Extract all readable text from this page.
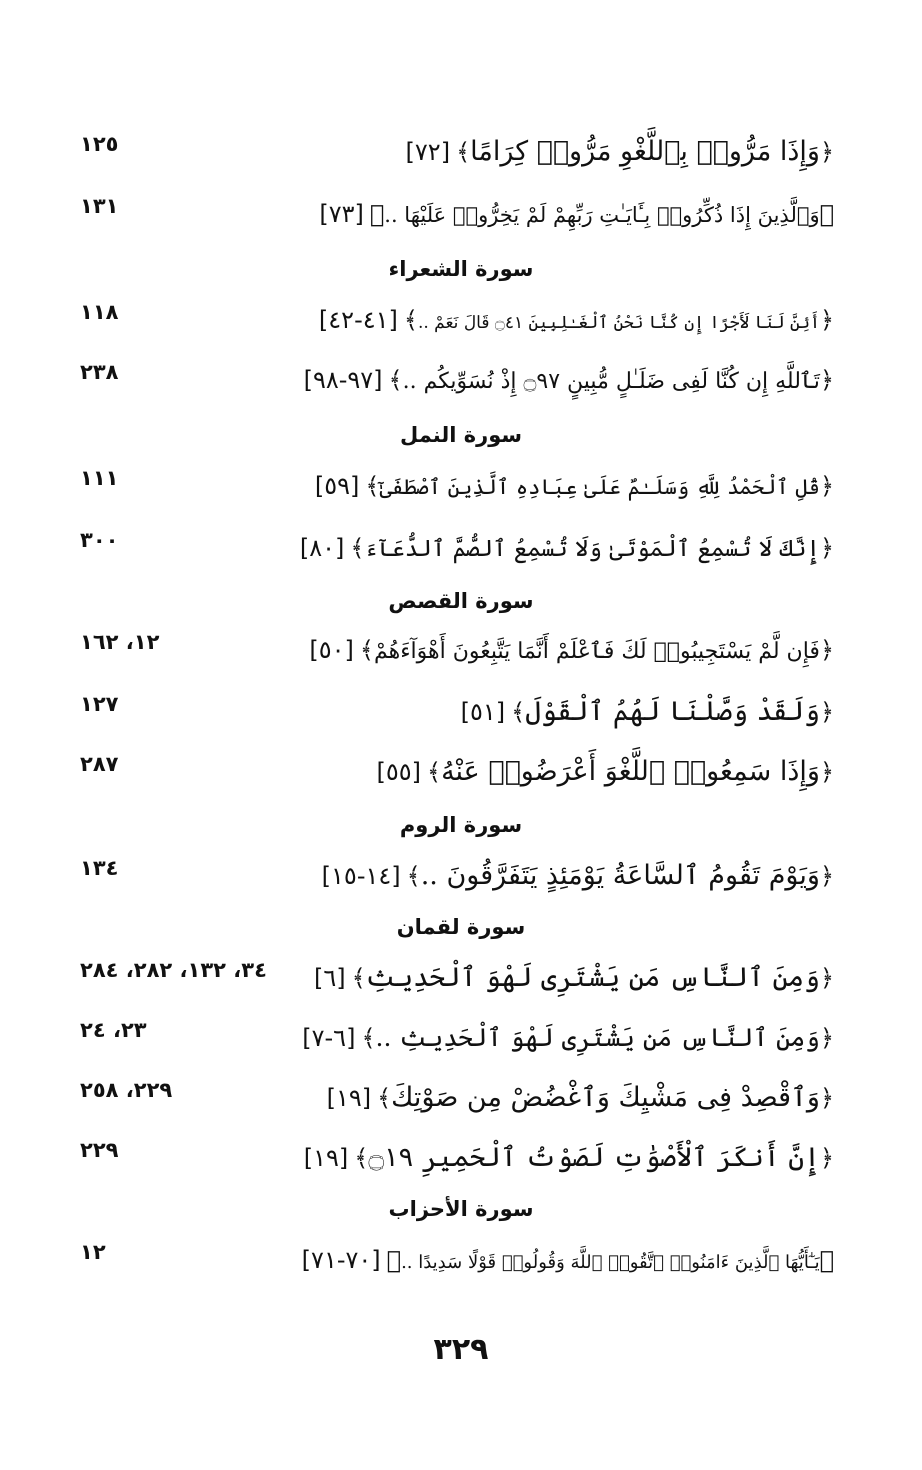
﴿وَإِذَا مَرُّوا۟ بِٱللَّغْوِ مَرُّوا۟ كِرَامًا﴾[٧٢]
١٢٥
﴿وَٱلَّذِينَ إِذَا ذُكِّرُوا۟ بِـَٔايَـٰتِ رَبِّهِمْ لَمْ يَخِرُّوا۟ عَلَيْهَا ..﴾[٧٣]
١٣١
سورة الشعراء
﴿أَئِنَّ لَنَا لَأَجْرًا إِن كُنَّا نَحْنُ ٱلْغَـٰلِبِينَ ۝٤١ قَالَ نَعَمْ ..﴾[٤١-٤٢]
١١٨
﴿تَٱللَّهِ إِن كُنَّا لَفِى ضَلَـٰلٍ مُّبِينٍ ۝٩٧ إِذْ نُسَوِّيكُم ..﴾[٩٧-٩٨]
٢٣٨
سورة النمل
﴿قُلِ ٱلْحَمْدُ لِلَّهِ وَسَلَـٰمٌ عَلَىٰ عِبَادِهِ ٱلَّذِينَ ٱصْطَفَىٰٓ﴾[٥٩]
١١١
﴿إِنَّكَ لَا تُسْمِعُ ٱلْمَوْتَىٰ وَلَا تُسْمِعُ ٱلصُّمَّ ٱلدُّعَآءَ﴾[٨٠]
٣٠٠
سورة القصص
﴿فَإِن لَّمْ يَسْتَجِيبُوا۟ لَكَ فَٱعْلَمْ أَنَّمَا يَتَّبِعُونَ أَهْوَآءَهُمْ﴾[٥٠]
١٢، ١٦٢
﴿وَلَقَدْ وَصَّلْنَا لَهُمُ ٱلْقَوْلَ﴾[٥١]
١٢٧
﴿وَإِذَا سَمِعُوا۟ ٱللَّغْوَ أَعْرَضُوا۟ عَنْهُ﴾[٥٥]
٢٨٧
سورة الروم
﴿وَيَوْمَ تَقُومُ ٱلسَّاعَةُ يَوْمَئِذٍ يَتَفَرَّقُونَ ..﴾[١٤-١٥]
١٣٤
سورة لقمان
﴿وَمِنَ ٱلنَّاسِ مَن يَشْتَرِى لَهْوَ ٱلْحَدِيثِ﴾[٦]
٣٤، ١٣٢، ٢٨٢، ٢٨٤
﴿وَمِنَ ٱلنَّاسِ مَن يَشْتَرِى لَهْوَ ٱلْحَدِيثِ ..﴾[٦-٧]
٢٣، ٢٤
﴿وَٱقْصِدْ فِى مَشْيِكَ وَٱغْضُضْ مِن صَوْتِكَ﴾[١٩]
٢٢٩، ٢٥٨
﴿إِنَّ أَنكَرَ ٱلْأَصْوَٰتِ لَصَوْتُ ٱلْحَمِيرِ ۝١٩﴾[١٩]
٢٢٩
سورة الأحزاب
﴿يَـٰٓأَيُّهَا ٱلَّذِينَ ءَامَنُوا۟ ٱتَّقُوا۟ ٱللَّهَ وَقُولُوا۟ قَوْلًا سَدِيدًا ..﴾[٧٠-٧١]
١٢
٣٢٩
